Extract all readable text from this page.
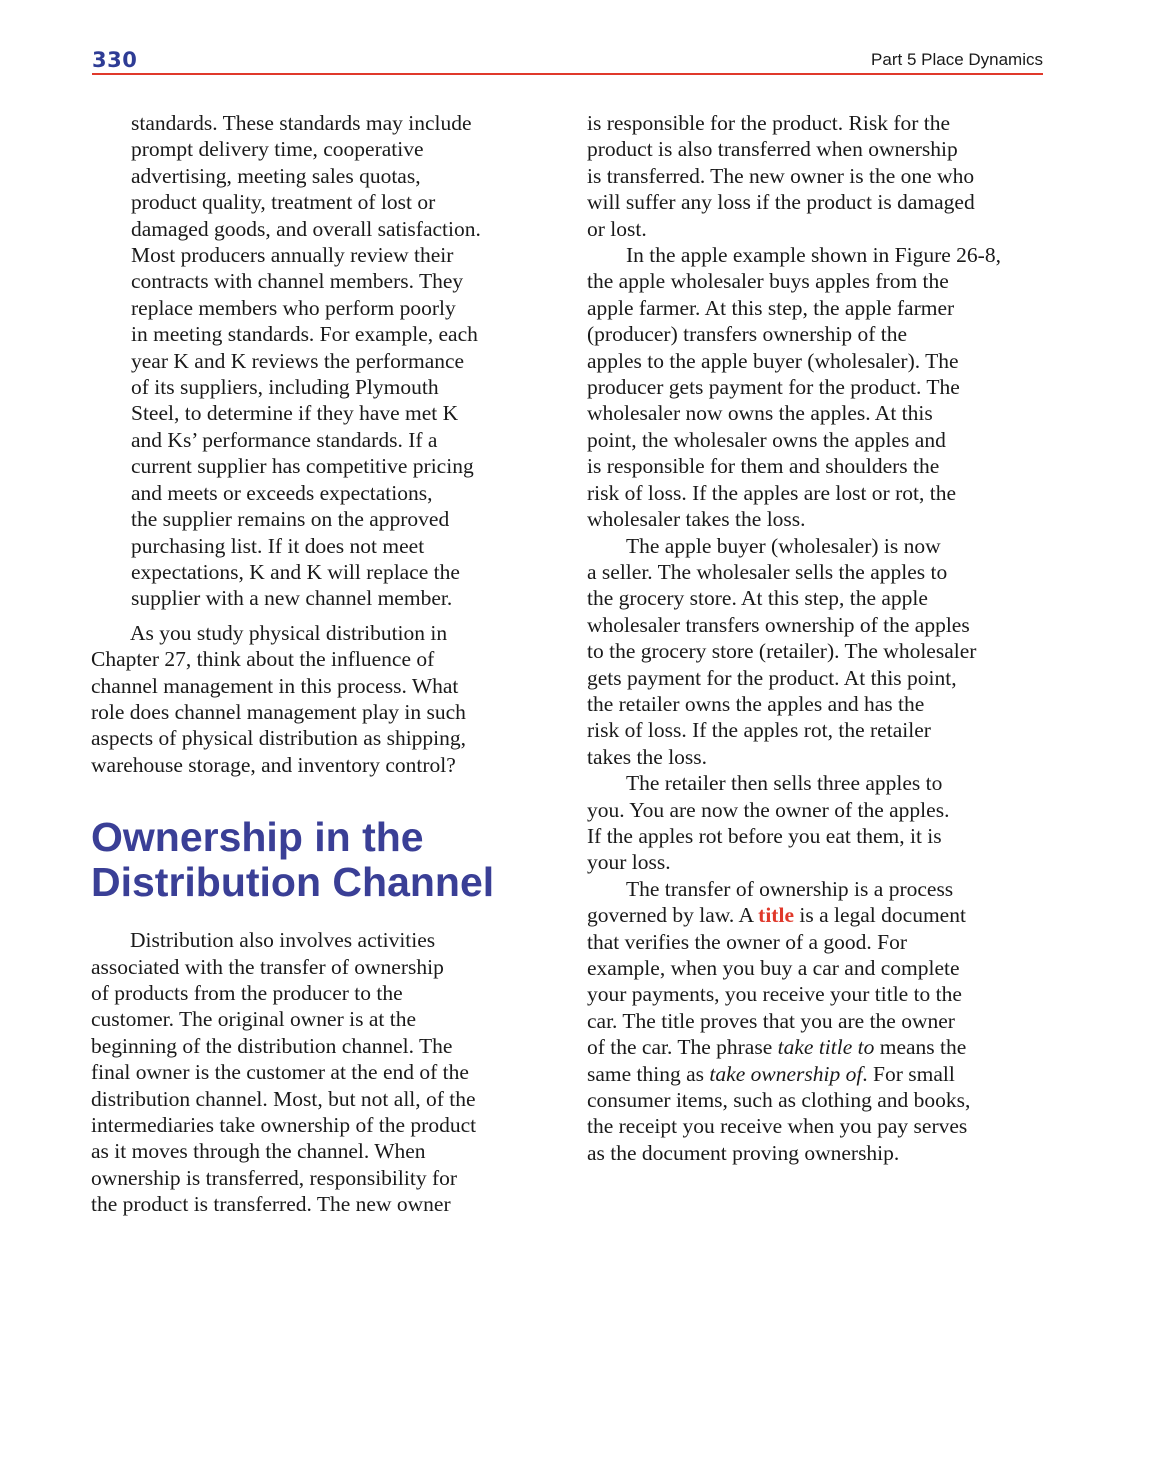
330	Part 5 Place Dynamics

standards. These standards may include
prompt delivery time, cooperative
advertising, meeting sales quotas,
product quality, treatment of lost or
damaged goods, and overall satisfaction.
Most producers annually review their
contracts with channel members. They
replace members who perform poorly
in meeting standards. For example, each
year K and K reviews the performance
of its suppliers, including Plymouth
Steel, to determine if they have met K
and Ks’ performance standards. If a
current supplier has competitive pricing
and meets or exceeds expectations,
the supplier remains on the approved
purchasing list. If it does not meet
expectations, K and K will replace the
supplier with a new channel member.

As you study physical distribution in
Chapter 27, think about the influence of
channel management in this process. What
role does channel management play in such
aspects of physical distribution as shipping,
warehouse storage, and inventory control?

Ownership in the
Distribution Channel

Distribution also involves activities
associated with the transfer of ownership
of products from the producer to the
customer. The original owner is at the
beginning of the distribution channel. The
final owner is the customer at the end of the
distribution channel. Most, but not all, of the
intermediaries take ownership of the product
as it moves through the channel. When
ownership is transferred, responsibility for
the product is transferred. The new owner

is responsible for the product. Risk for the
product is also transferred when ownership
is transferred. The new owner is the one who
will suffer any loss if the product is damaged
or lost.

In the apple example shown in Figure 26-8,
the apple wholesaler buys apples from the
apple farmer. At this step, the apple farmer
(producer) transfers ownership of the
apples to the apple buyer (wholesaler). The
producer gets payment for the product. The
wholesaler now owns the apples. At this
point, the wholesaler owns the apples and
is responsible for them and shoulders the
risk of loss. If the apples are lost or rot, the
wholesaler takes the loss.

The apple buyer (wholesaler) is now
a seller. The wholesaler sells the apples to
the grocery store. At this step, the apple
wholesaler transfers ownership of the apples
to the grocery store (retailer). The wholesaler
gets payment for the product. At this point,
the retailer owns the apples and has the
risk of loss. If the apples rot, the retailer
takes the loss.

The retailer then sells three apples to
you. You are now the owner of the apples.
If the apples rot before you eat them, it is
your loss.

The transfer of ownership is a process
governed by law. A title is a legal document
that verifies the owner of a good. For
example, when you buy a car and complete
your payments, you receive your title to the
car. The title proves that you are the owner
of the car. The phrase take title to means the
same thing as take ownership of. For small
consumer items, such as clothing and books,
the receipt you receive when you pay serves
as the document proving ownership.
